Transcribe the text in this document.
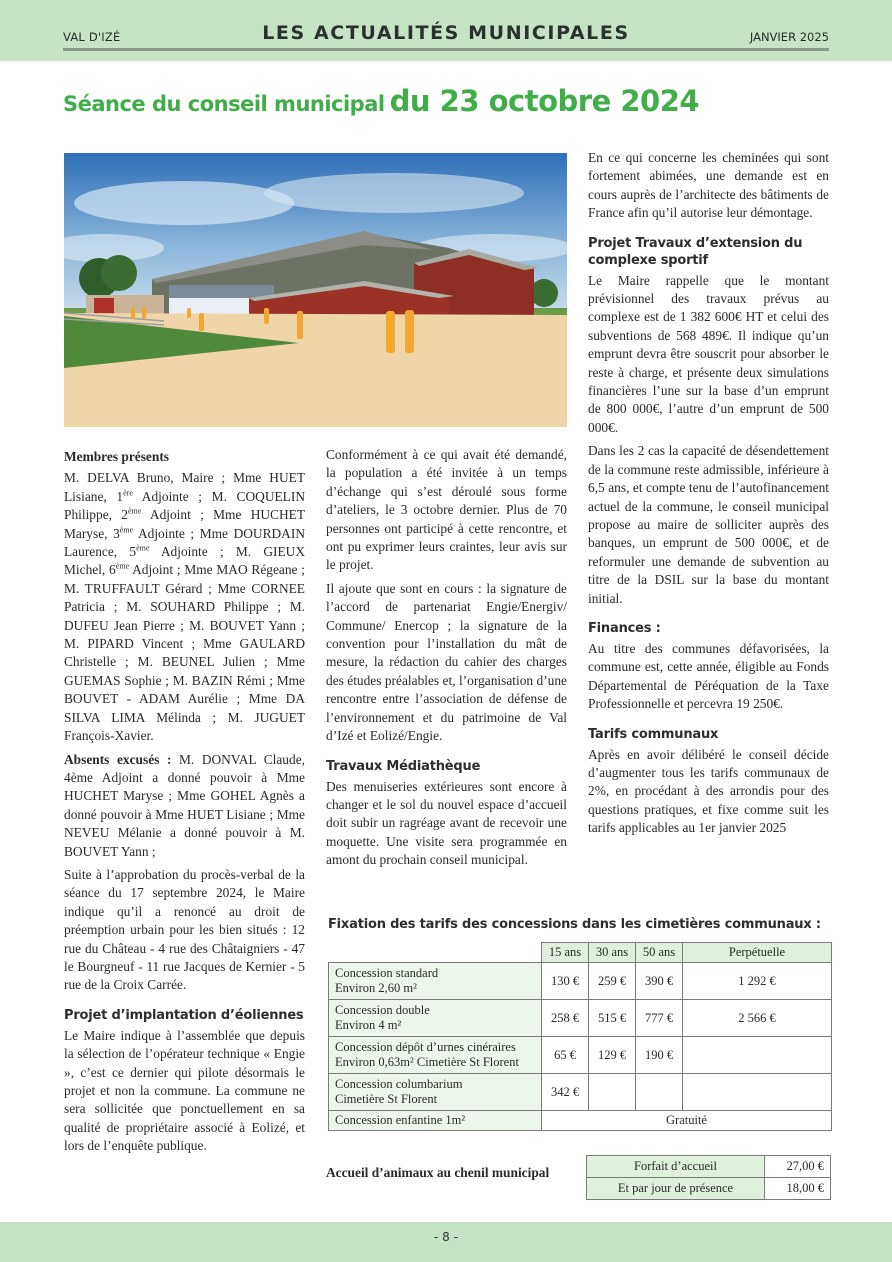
VAL D'IZÉ	LES ACTUALITÉS MUNICIPALES	JANVIER 2025
Séance du conseil municipal du 23 octobre 2024
Membres présents

M. DELVA Bruno, Maire ; Mme HUET Lisiane, 1ère Adjointe ; M. COQUELIN Philippe, 2ème Adjoint ; Mme HUCHET Maryse, 3ème Adjointe ; Mme DOURDAIN Laurence, 5ème Adjointe ; M. GIEUX Michel, 6ème Adjoint ; Mme MAO Régeane ; M. TRUFFAULT Gérard ; Mme CORNEE Patricia ; M. SOUHARD Philippe ; M. DUFEU Jean Pierre ; M. BOUVET Yann ; M. PIPARD Vincent ; Mme GAULARD Christelle ; M. BEUNEL Julien ; Mme GUEMAS Sophie ; M. BAZIN Rémi ; Mme BOUVET - ADAM Aurélie ; Mme DA SILVA LIMA Mélinda ; M. JUGUET François-Xavier.

Absents excusés : M. DONVAL Claude, 4ème Adjoint a donné pouvoir à Mme HUCHET Maryse ; Mme GOHEL Agnès a donné pouvoir à Mme HUET Lisiane ; Mme NEVEU Mélanie a donné pouvoir à M. BOUVET Yann ;

Suite à l’approbation du procès-verbal de la séance du 17 septembre 2024, le Maire indique qu’il a renoncé au droit de préemption urbain pour les bien situés : 12 rue du Château - 4 rue des Châtaigniers - 47 le Bourgneuf - 11 rue Jacques de Kernier - 5 rue de la Croix Carrée.

Projet d’implantation d’éoliennes

Le Maire indique à l’assemblée que depuis la sélection de l’opérateur technique « Engie », c’est ce dernier qui pilote désormais le projet et non la commune. La commune ne sera sollicitée que ponctuellement en sa qualité de propriétaire associé à Eolizé, et lors de l’enquête publique.

Conformément à ce qui avait été demandé, la population a été invitée à un temps d’échange qui s’est déroulé sous forme d’ateliers, le 3 octobre dernier. Plus de 70 personnes ont participé à cette rencontre, et ont pu exprimer leurs craintes, leur avis sur le projet.

Il ajoute que sont en cours : la signature de l’accord de partenariat Engie/Energiv/ Commune/ Enercop ; la signature de la convention pour l’installation du mât de mesure, la rédaction du cahier des charges des études préalables et, l’organisation d’une rencontre entre l’association de défense de l’environnement et du patrimoine de Val d’Izé et Eolizé/Engie.

Travaux Médiathèque

Des menuiseries extérieures sont encore à changer et le sol du nouvel espace d’accueil doit subir un ragréage avant de recevoir une moquette. Une visite sera programmée en amont du prochain conseil municipal.

En ce qui concerne les cheminées qui sont fortement abimées, une demande est en cours auprès de l’architecte des bâtiments de France afin qu’il autorise leur démontage.

Projet Travaux d’extension du complexe sportif

Le Maire rappelle que le montant prévisionnel des travaux prévus au complexe est de 1 382 600€ HT et celui des subventions de 568 489€. Il indique qu’un emprunt devra être souscrit pour absorber le reste à charge, et présente deux simulations financières l’une sur la base d’un emprunt de 800 000€, l’autre d’un emprunt de 500 000€.

Dans les 2 cas la capacité de désendettement de la commune reste admissible, inférieure à 6,5 ans, et compte tenu de l’autofinancement actuel de la commune, le conseil municipal propose au maire de solliciter auprès des banques, un emprunt de 500 000€, et de reformuler une demande de subvention au titre de la DSIL sur la base du montant initial.

Finances :

Au titre des communes défavorisées, la commune est, cette année, éligible au Fonds Départemental de Péréquation de la Taxe Professionnelle et percevra 19 250€.

Tarifs communaux

Après en avoir délibéré le conseil décide d’augmenter tous les tarifs communaux de 2%, en procédant à des arrondis pour des questions pratiques, et fixe comme suit les tarifs applicables au 1er janvier 2025

Fixation des tarifs des concessions dans les cimetières communaux :
	15 ans	30 ans	50 ans	Perpétuelle
Concession standard
Environ 2,60 m²	130 €	259 €	390 €	1 292 €
Concession double
Environ 4 m²	258 €	515 €	777 €	2 566 €
Concession dépôt d’urnes cinéraires
Environ 0,63m² Cimetière St Florent	65 €	129 €	190 €	
Concession columbarium
Cimetière St Florent	342 €			
Concession enfantine 1m²	Gratuité			
Accueil d’animaux au chenil municipal	Forfait d’accueil	27,00 €
Et par jour de présence	18,00 €
- 8 -
